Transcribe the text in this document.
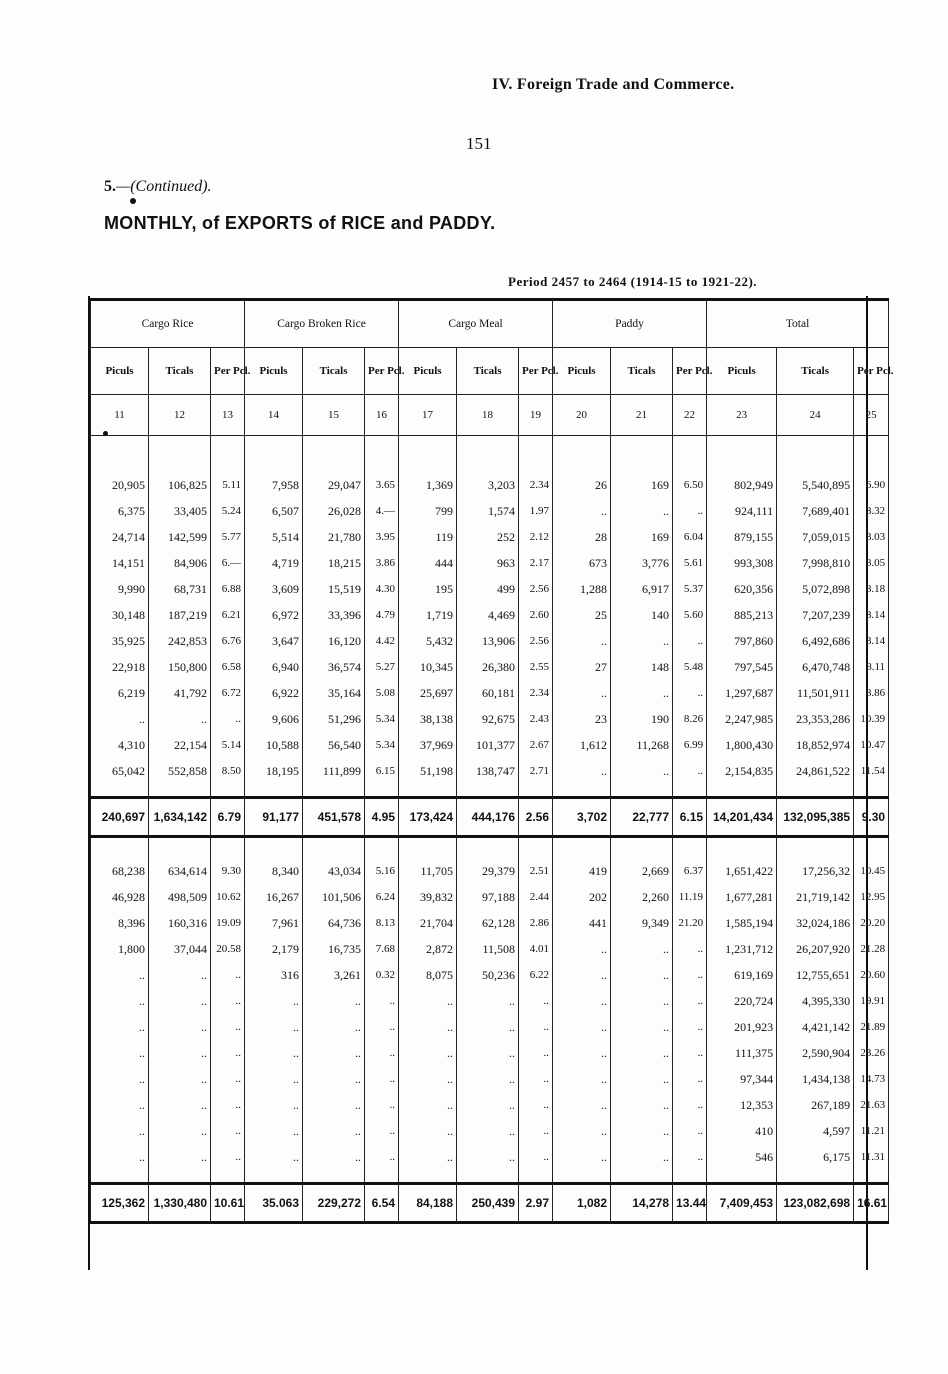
IV. Foreign Trade and Commerce.
151
5.—(Continued).
MONTHLY, of EXPORTS of RICE and PADDY.
Period 2457 to 2464 (1914-15 to 1921-22).
Cargo Rice			Cargo Broken Rice			Cargo Meal			Paddy			Total		
Piculs	Ticals	Per Pcl.	Piculs	Ticals	Per Pcl.	Piculs	Ticals	Per Pcl.	Piculs	Ticals	Per Pcl.	Piculs	Ticals	Per Pcl.
11	12	13	14	15	16	17	18	19	20	21	22	23	24	25

20,905	106,825	5.11	7,958	29,047	3.65	1,369	3,203	2.34	26	169	6.50	802,949	5,540,895	6.90
6,375	33,405	5.24	6,507	26,028	4.—	799	1,574	1.97	..	..	..	924,111	7,689,401	8.32
24,714	142,599	5.77	5,514	21,780	3.95	119	252	2.12	28	169	6.04	879,155	7,059,015	8.03
14,151	84,906	6.—	4,719	18,215	3.86	444	963	2.17	673	3,776	5.61	993,308	7,998,810	8.05
9,990	68,731	6.88	3,609	15,519	4.30	195	499	2.56	1,288	6,917	5.37	620,356	5,072,898	8.18
30,148	187,219	6.21	6,972	33,396	4.79	1,719	4,469	2.60	25	140	5.60	885,213	7,207,239	8.14
35,925	242,853	6.76	3,647	16,120	4.42	5,432	13,906	2.56	..	..	..	797,860	6,492,686	8.14
22,918	150,800	6.58	6,940	36,574	5.27	10,345	26,380	2.55	27	148	5.48	797,545	6,470,748	8.11
6,219	41,792	6.72	6,922	35,164	5.08	25,697	60,181	2.34	..	..	..	1,297,687	11,501,911	8.86
..	..	..	9,606	51,296	5.34	38,138	92,675	2.43	23	190	8.26	2,247,985	23,353,286	10.39
4,310	22,154	5.14	10,588	56,540	5.34	37,969	101,377	2.67	1,612	11,268	6.99	1,800,430	18,852,974	10.47
65,042	552,858	8.50	18,195	111,899	6.15	51,198	138,747	2.71	..	..	..	2,154,835	24,861,522	11.54

240,697	1,634,142	6.79	91,177	451,578	4.95	173,424	444,176	2.56	3,702	22,777	6.15	14,201,434	132,095,385	9.30

68,238	634,614	9.30	8,340	43,034	5.16	11,705	29,379	2.51	419	2,669	6.37	1,651,422	17,256,32	10.45
46,928	498,509	10.62	16,267	101,506	6.24	39,832	97,188	2.44	202	2,260	11.19	1,677,281	21,719,142	12.95
8,396	160,316	19.09	7,961	64,736	8.13	21,704	62,128	2.86	441	9,349	21.20	1,585,194	32,024,186	20.20
1,800	37,044	20.58	2,179	16,735	7.68	2,872	11,508	4.01	..	..	..	1,231,712	26,207,920	21.28
..	..	..	316	3,261	0.32	8,075	50,236	6.22	..	..	..	619,169	12,755,651	20.60
..	..	..	..	..	..	..	..	..	..	..	..	220,724	4,395,330	19.91
..	..	..	..	..	..	..	..	..	..	..	..	201,923	4,421,142	21.89
..	..	..	..	..	..	..	..	..	..	..	..	111,375	2,590,904	23.26
..	..	..	..	..	..	..	..	..	..	..	..	97,344	1,434,138	14.73
..	..	..	..	..	..	..	..	..	..	..	..	12,353	267,189	21.63
..	..	..	..	..	..	..	..	..	..	..	..	410	4,597	11.21
..	..	..	..	..	..	..	..	..	..	..	..	546	6,175	11.31

125,362	1,330,480	10.61	35.063	229,272	6.54	84,188	250,439	2.97	1,082	14,278	13.44	7,409,453	123,082,698	16.61
